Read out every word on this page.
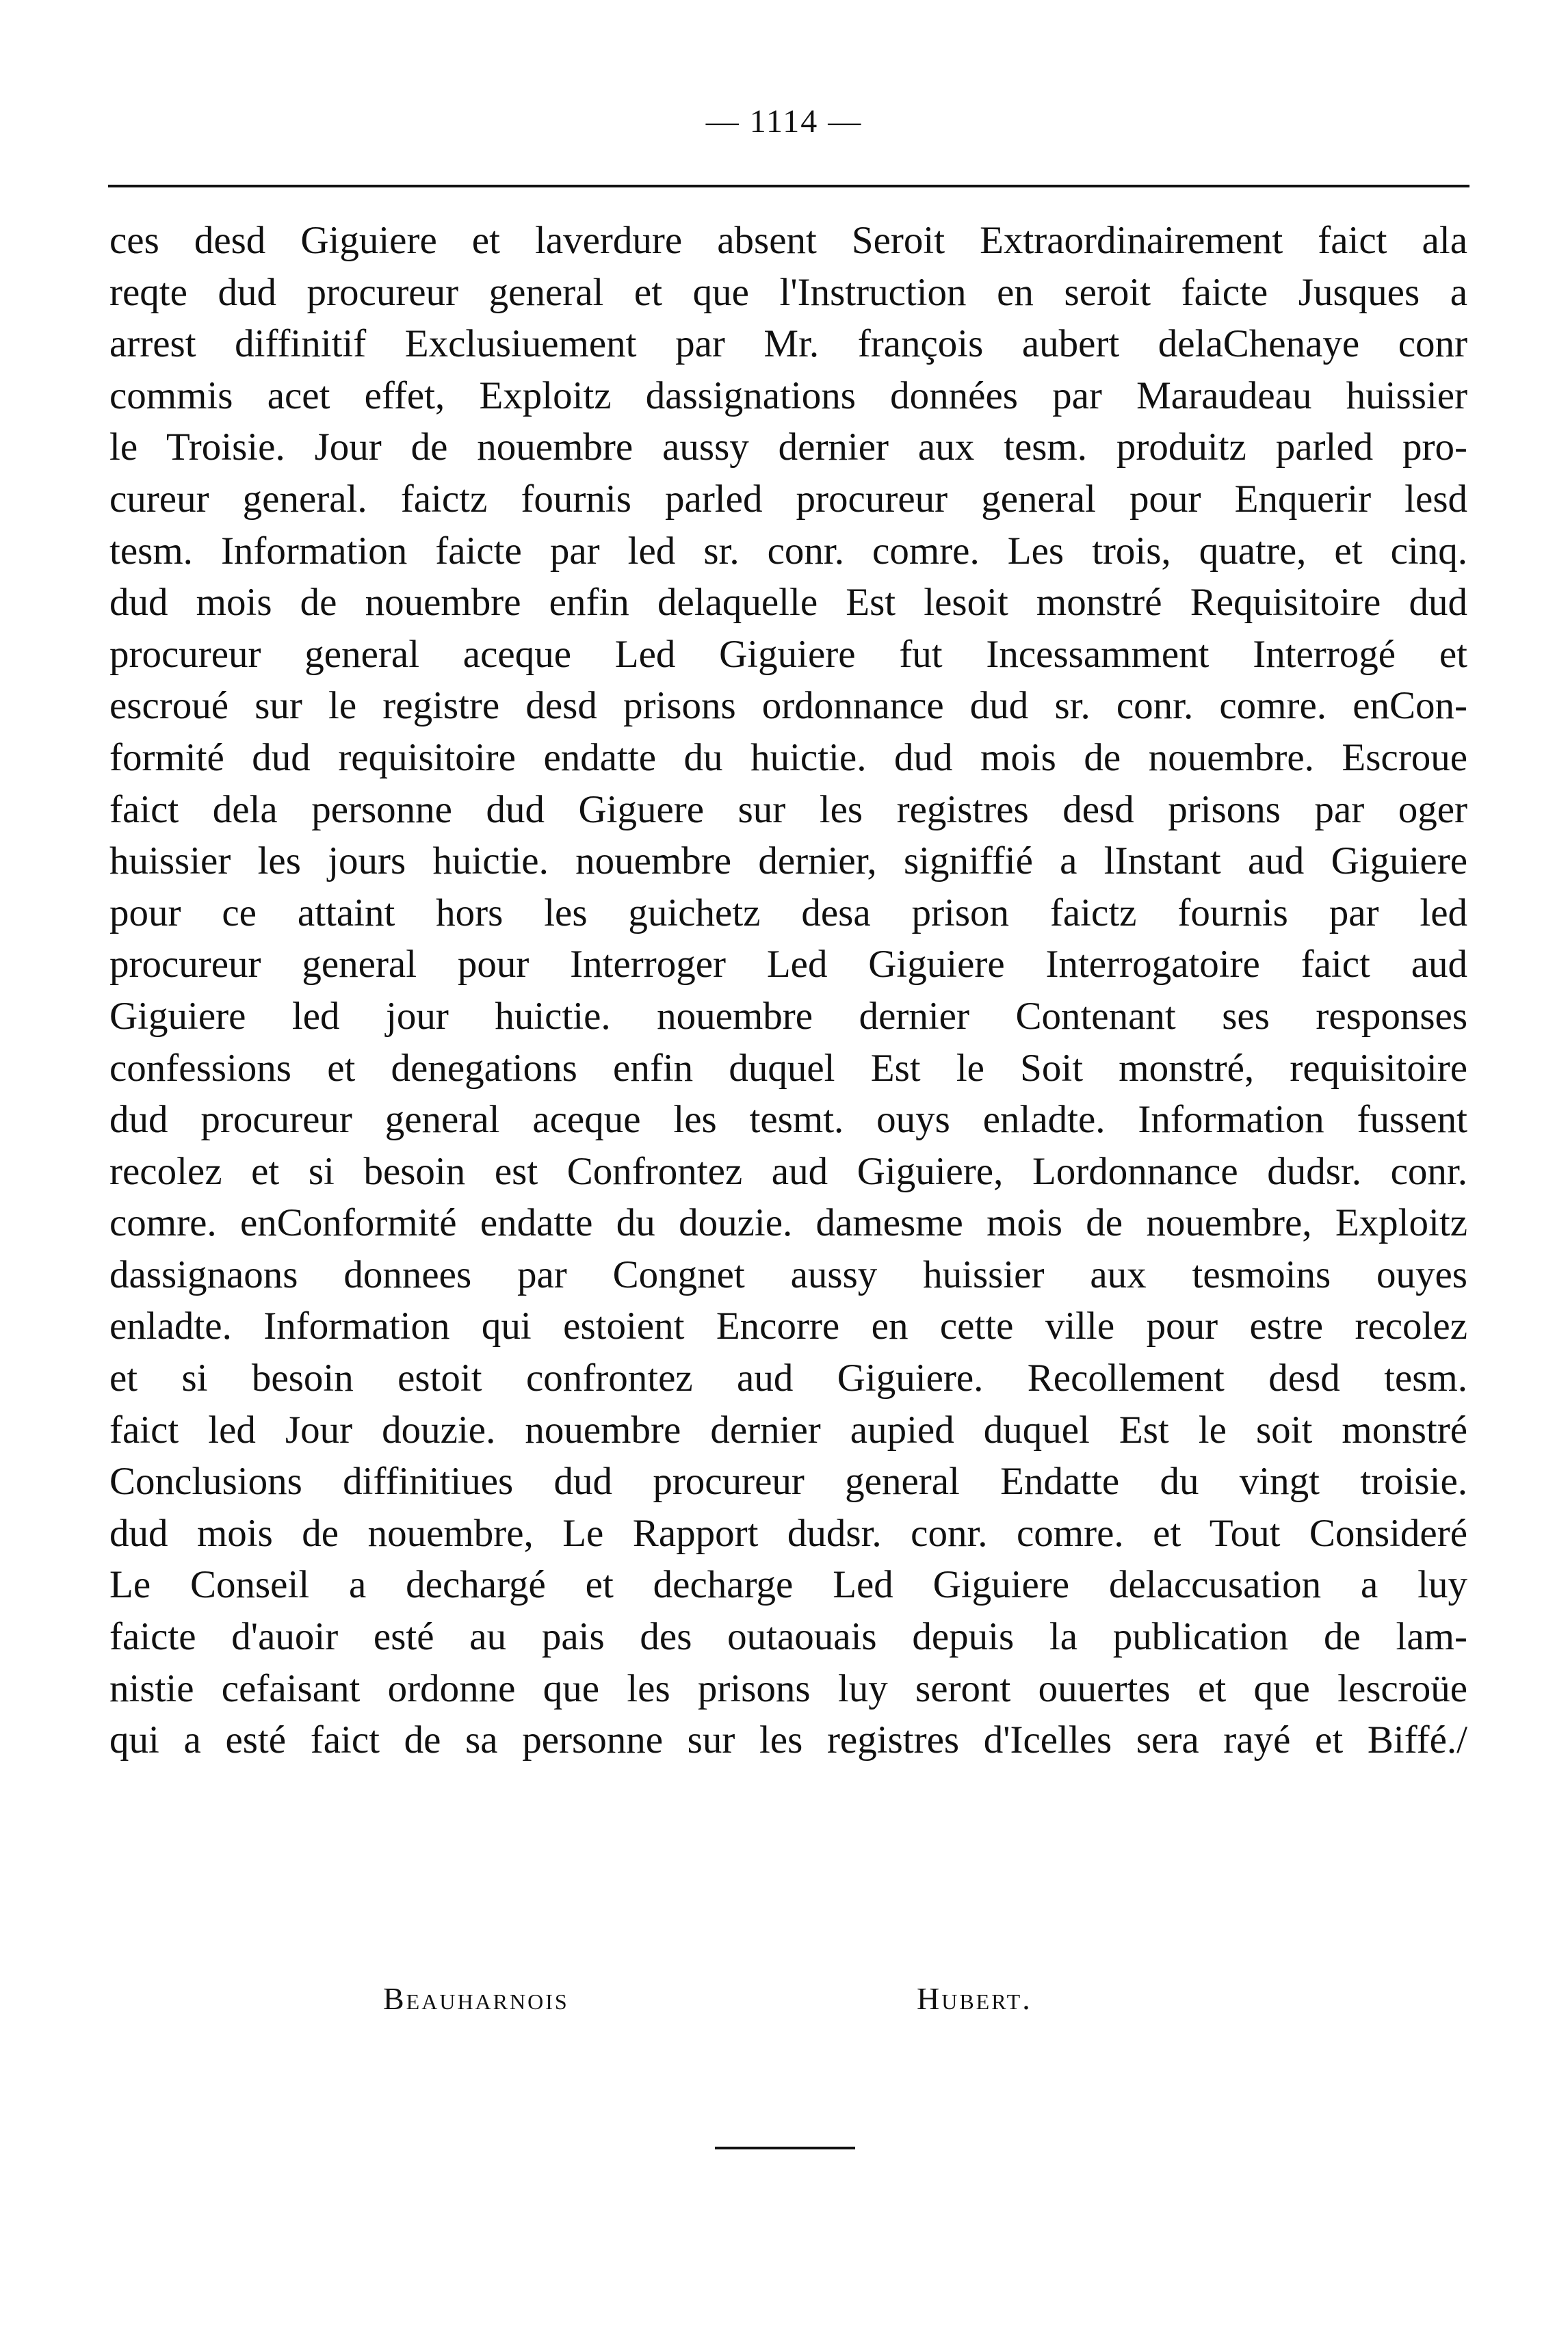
— 1114 —
ces desd Giguiere et laverdure absent Seroit Extraordinairement faict ala
reqte dud procureur general et que l'Instruction en seroit faicte Jusques a
arrest diffinitif Exclusiuement par Mr. françois aubert delaChenaye conr
commis acet effet, Exploitz dassignations données par Maraudeau huissier
le Troisie. Jour de nouembre aussy dernier aux tesm. produitz parled pro-
cureur general. faictz fournis parled procureur general pour Enquerir lesd
tesm. Information faicte par led sr. conr. comre. Les trois, quatre, et cinq.
dud mois de nouembre enfin delaquelle Est lesoit monstré Requisitoire dud
procureur general aceque Led Giguiere fut Incessamment Interrogé et
escroué sur le registre desd prisons ordonnance dud sr. conr. comre. enCon-
formité dud requisitoire endatte du huictie. dud mois de nouembre. Escroue
faict dela personne dud Giguere sur les registres desd prisons par oger
huissier les jours huictie. nouembre dernier, signiffié a lInstant aud Giguiere
pour ce attaint hors les guichetz desa prison faictz fournis par led
procureur general pour Interroger Led Giguiere Interrogatoire faict aud
Giguiere led jour huictie. nouembre dernier Contenant ses responses
confessions et denegations enfin duquel Est le Soit monstré, requisitoire
dud procureur general aceque les tesmt. ouys enladte. Information fussent
recolez et si besoin est Confrontez aud Giguiere, Lordonnance dudsr. conr.
comre. enConformité endatte du douzie. damesme mois de nouembre, Exploitz
dassignaons donnees par Congnet aussy huissier aux tesmoins ouyes
enladte. Information qui estoient Encorre en cette ville pour estre recolez
et si besoin estoit confrontez aud Giguiere. Recollement desd tesm.
faict led Jour douzie. nouembre dernier aupied duquel Est le soit monstré
Conclusions diffinitiues dud procureur general Endatte du vingt troisie.
dud mois de nouembre, Le Rapport dudsr. conr. comre. et Tout Consideré
Le Conseil a dechargé et decharge Led Giguiere delaccusation a luy
faicte d'auoir esté au pais des outaouais depuis la publication de lam-
nistie cefaisant ordonne que les prisons luy seront ouuertes et que lescroüe
qui a esté faict de sa personne sur les registres d'Icelles sera rayé et Biffé./
Beauharnois	Hubert.
